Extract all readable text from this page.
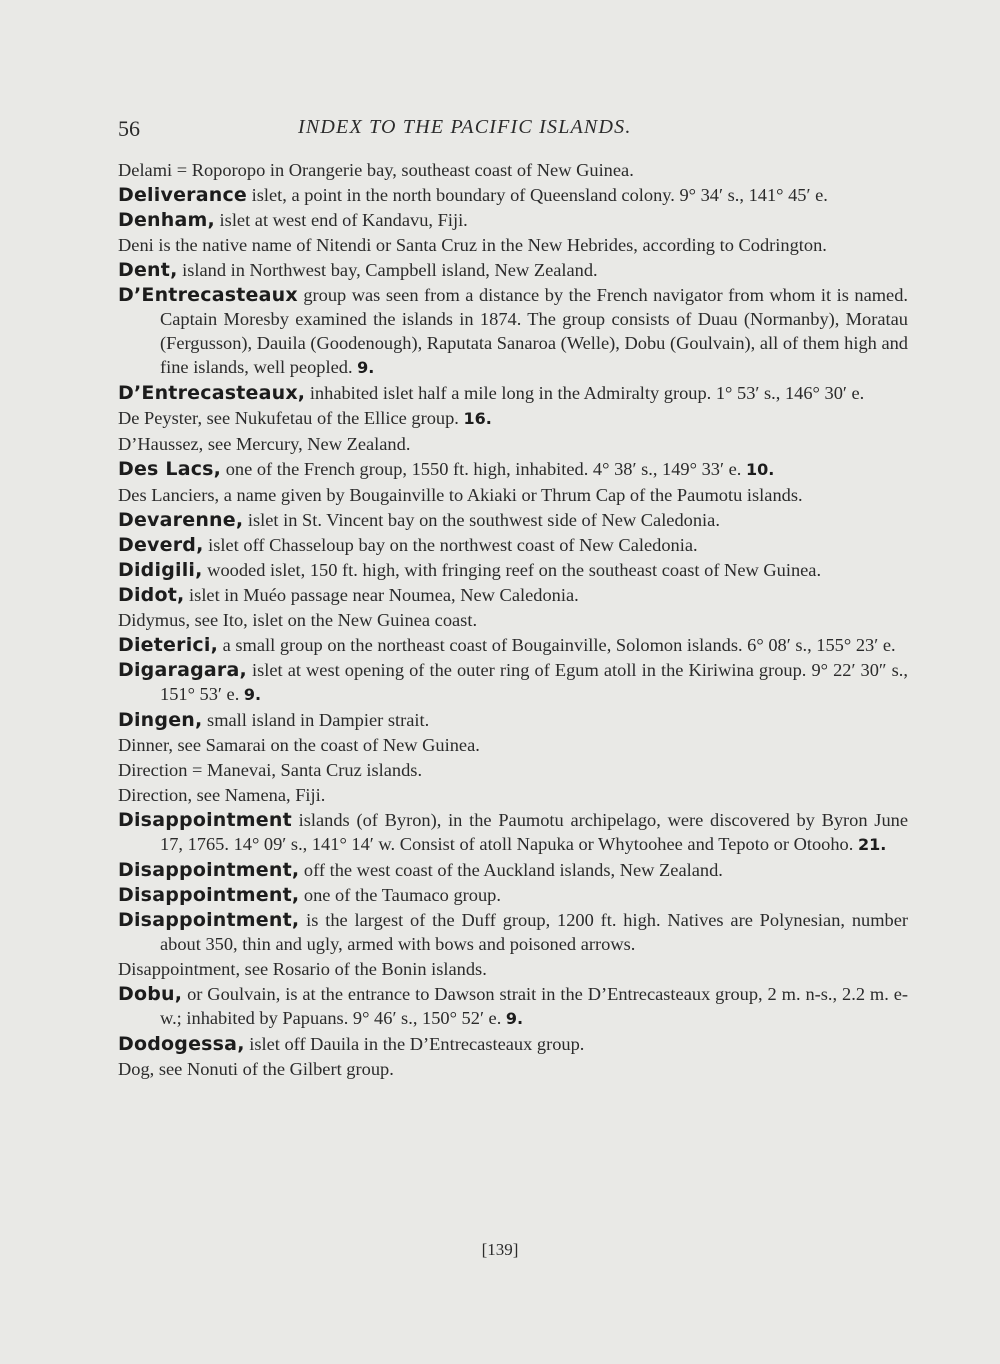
56	INDEX TO THE PACIFIC ISLANDS.

Delami = Roporopo in Orangerie bay, southeast coast of New Guinea.

Deliverance islet, a point in the north boundary of Queensland colony. 9° 34′ s., 141° 45′ e.

Denham, islet at west end of Kandavu, Fiji.

Deni is the native name of Nitendi or Santa Cruz in the New Hebrides, according to Codrington.

Dent, island in Northwest bay, Campbell island, New Zealand.

D’Entrecasteaux group was seen from a distance by the French navigator from whom it is named. Captain Moresby examined the islands in 1874. The group consists of Duau (Normanby), Moratau (Fergusson), Dauila (Goodenough), Raputata Sanaroa (Welle), Dobu (Goulvain), all of them high and fine islands, well peopled. 9.

D’Entrecasteaux, inhabited islet half a mile long in the Admiralty group. 1° 53′ s., 146° 30′ e.

De Peyster, see Nukufetau of the Ellice group. 16.

D’Haussez, see Mercury, New Zealand.

Des Lacs, one of the French group, 1550 ft. high, inhabited. 4° 38′ s., 149° 33′ e. 10.

Des Lanciers, a name given by Bougainville to Akiaki or Thrum Cap of the Paumotu islands.

Devarenne, islet in St. Vincent bay on the southwest side of New Caledonia.

Deverd, islet off Chasseloup bay on the northwest coast of New Caledonia.

Didigili, wooded islet, 150 ft. high, with fringing reef on the southeast coast of New Guinea.

Didot, islet in Muéo passage near Noumea, New Caledonia.

Didymus, see Ito, islet on the New Guinea coast.

Dieterici, a small group on the northeast coast of Bougainville, Solomon islands. 6° 08′ s., 155° 23′ e.

Digaragara, islet at west opening of the outer ring of Egum atoll in the Kiriwina group. 9° 22′ 30″ s., 151° 53′ e. 9.

Dingen, small island in Dampier strait.

Dinner, see Samarai on the coast of New Guinea.

Direction = Manevai, Santa Cruz islands.

Direction, see Namena, Fiji.

Disappointment islands (of Byron), in the Paumotu archipelago, were discovered by Byron June 17, 1765. 14° 09′ s., 141° 14′ w. Consist of atoll Napuka or Whytoohee and Tepoto or Otooho. 21.

Disappointment, off the west coast of the Auckland islands, New Zealand.

Disappointment, one of the Taumaco group.

Disappointment, is the largest of the Duff group, 1200 ft. high. Natives are Polynesian, number about 350, thin and ugly, armed with bows and poisoned arrows.

Disappointment, see Rosario of the Bonin islands.

Dobu, or Goulvain, is at the entrance to Dawson strait in the D’Entrecasteaux group, 2 m. n-s., 2.2 m. e-w.; inhabited by Papuans. 9° 46′ s., 150° 52′ e. 9.

Dodogessa, islet off Dauila in the D’Entrecasteaux group.

Dog, see Nonuti of the Gilbert group.

[139]
